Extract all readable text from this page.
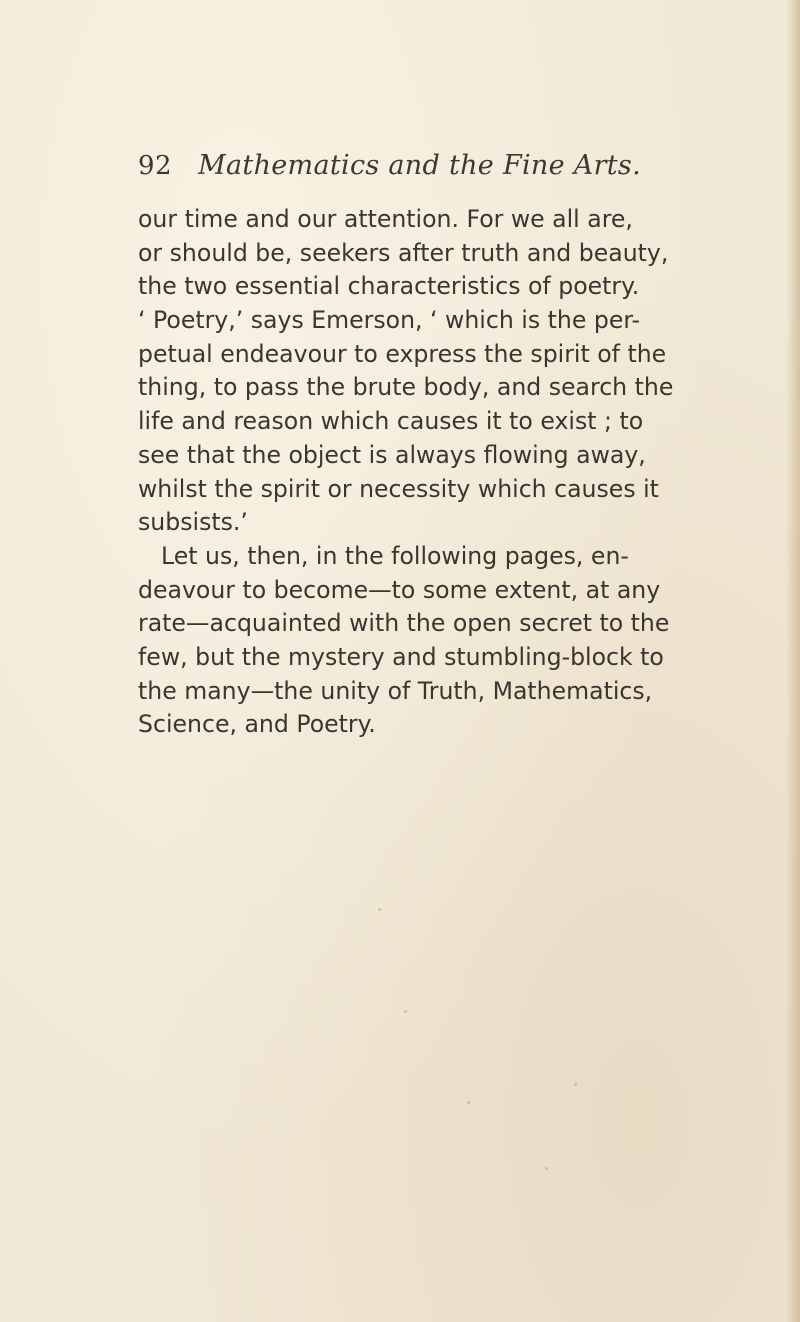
92 Mathematics and the Fine Arts.
our time and our attention. For we all are,
or should be, seekers after truth and beauty,
the two essential characteristics of poetry.
‘ Poetry,’ says Emerson, ‘ which is the per-
petual endeavour to express the spirit of the
thing, to pass the brute body, and search the
life and reason which causes it to exist ; to
see that the object is always flowing away,
whilst the spirit or necessity which causes it
subsists.’
Let us, then, in the following pages, en-
deavour to become—to some extent, at any
rate—acquainted with the open secret to the
few, but the mystery and stumbling-block to
the many—the unity of Truth, Mathematics,
Science, and Poetry.
